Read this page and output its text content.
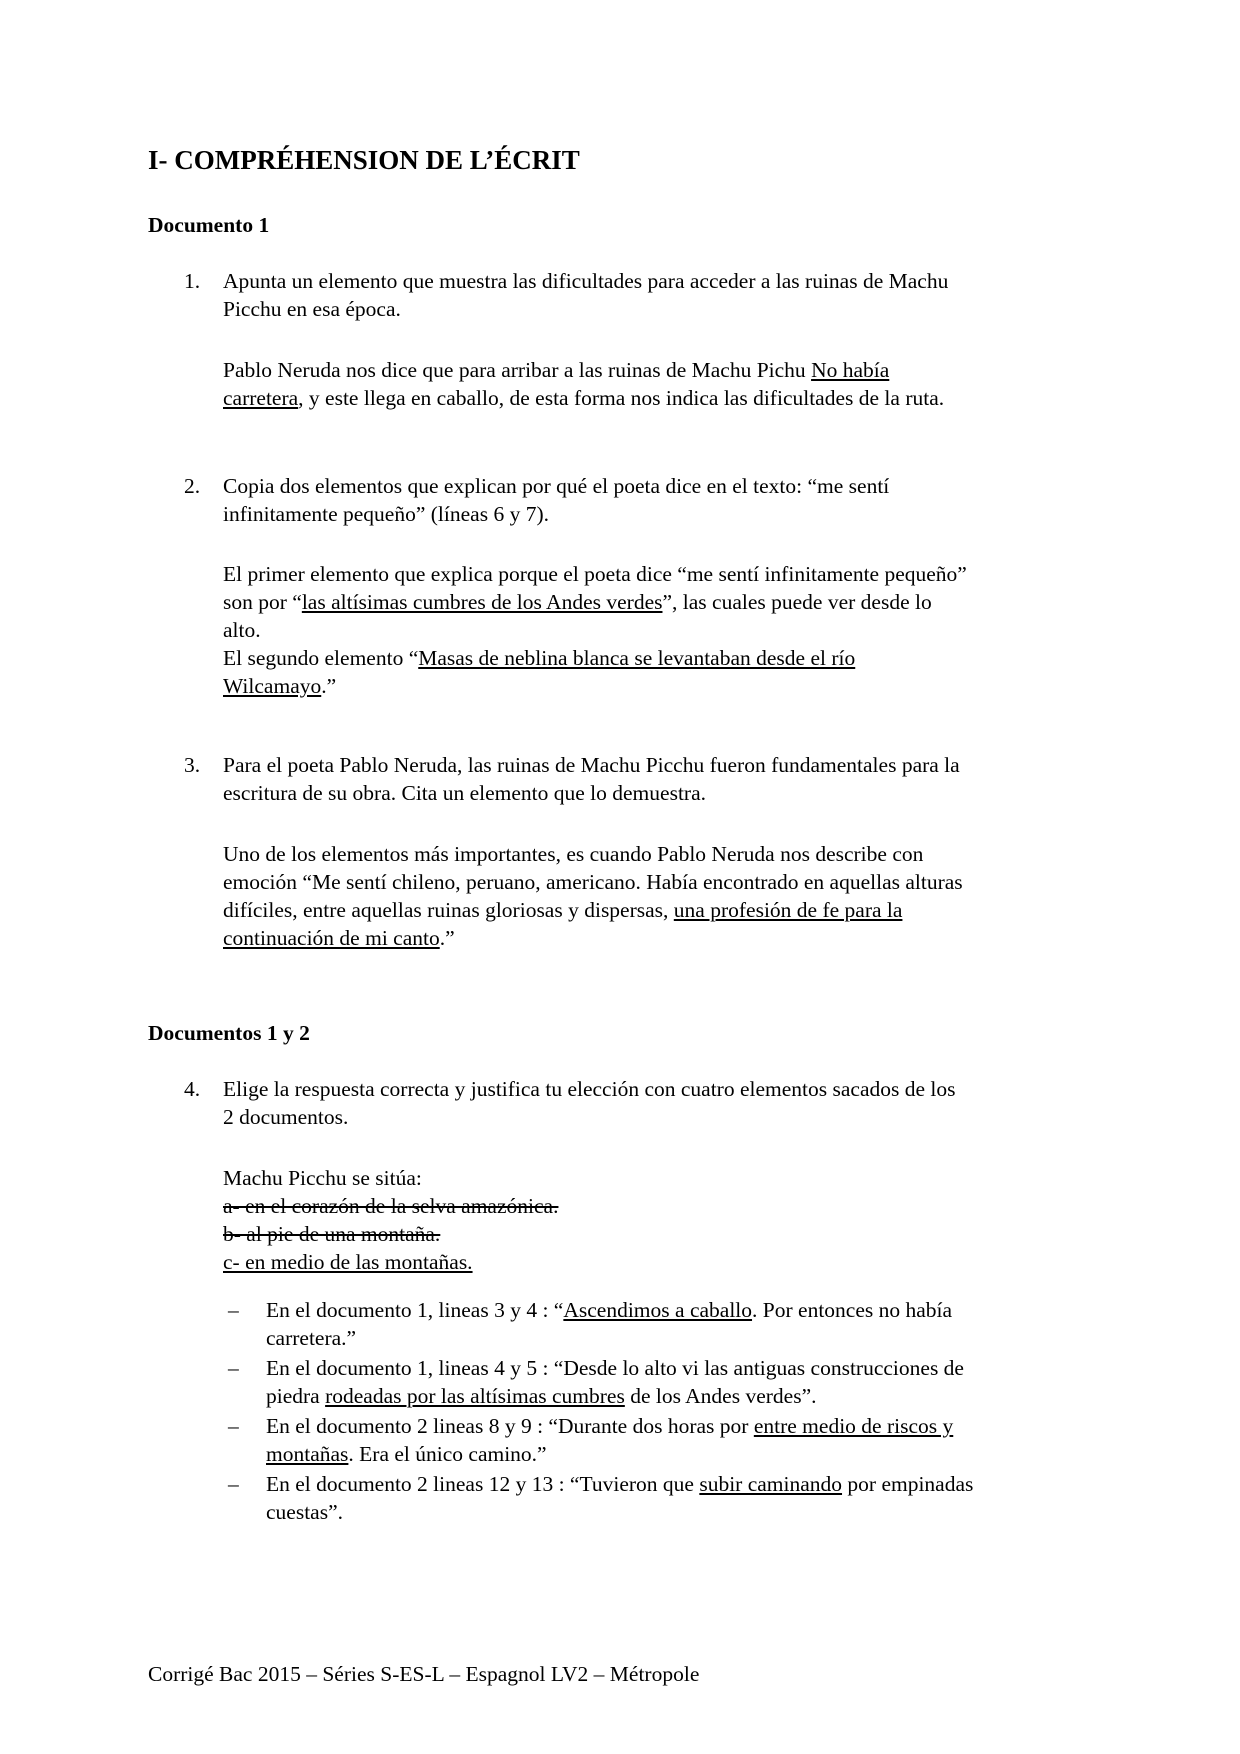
I- COMPRÉHENSION DE L’ÉCRIT
Documento 1
1. Apunta un elemento que muestra las dificultades para acceder a las ruinas de Machu
Picchu en esa época.
Pablo Neruda nos dice que para arribar a las ruinas de Machu Pichu No había
carretera, y este llega en caballo, de esta forma nos indica las dificultades de la ruta.
2. Copia dos elementos que explican por qué el poeta dice en el texto: “me sentí
infinitamente pequeño” (líneas 6 y 7).
El primer elemento que explica porque el poeta dice “me sentí infinitamente pequeño”
son por “las altísimas cumbres de los Andes verdes”, las cuales puede ver desde lo
alto.
El segundo elemento “Masas de neblina blanca se levantaban desde el río
Wilcamayo.”
3. Para el poeta Pablo Neruda, las ruinas de Machu Picchu fueron fundamentales para la
escritura de su obra. Cita un elemento que lo demuestra.
Uno de los elementos más importantes, es cuando Pablo Neruda nos describe con
emoción “Me sentí chileno, peruano, americano. Había encontrado en aquellas alturas
difíciles, entre aquellas ruinas gloriosas y dispersas, una profesión de fe para la
continuación de mi canto.”
Documentos 1 y 2
4. Elige la respuesta correcta y justifica tu elección con cuatro elementos sacados de los
2 documentos.
Machu Picchu se sitúa:
a- en el corazón de la selva amazónica.
b- al pie de una montaña.
c- en medio de las montañas.
– En el documento 1, lineas 3 y 4 : “Ascendimos a caballo. Por entonces no había
carretera.”
– En el documento 1, lineas 4 y 5 : “Desde lo alto vi las antiguas construcciones de
piedra rodeadas por las altísimas cumbres de los Andes verdes”.
– En el documento 2 lineas 8 y 9 : “Durante dos horas por entre medio de riscos y
montañas. Era el único camino.”
– En el documento 2 lineas 12 y 13 : “Tuvieron que subir caminando por empinadas
cuestas”.
Corrigé Bac 2015 – Séries S-ES-L – Espagnol LV2 – Métropole
